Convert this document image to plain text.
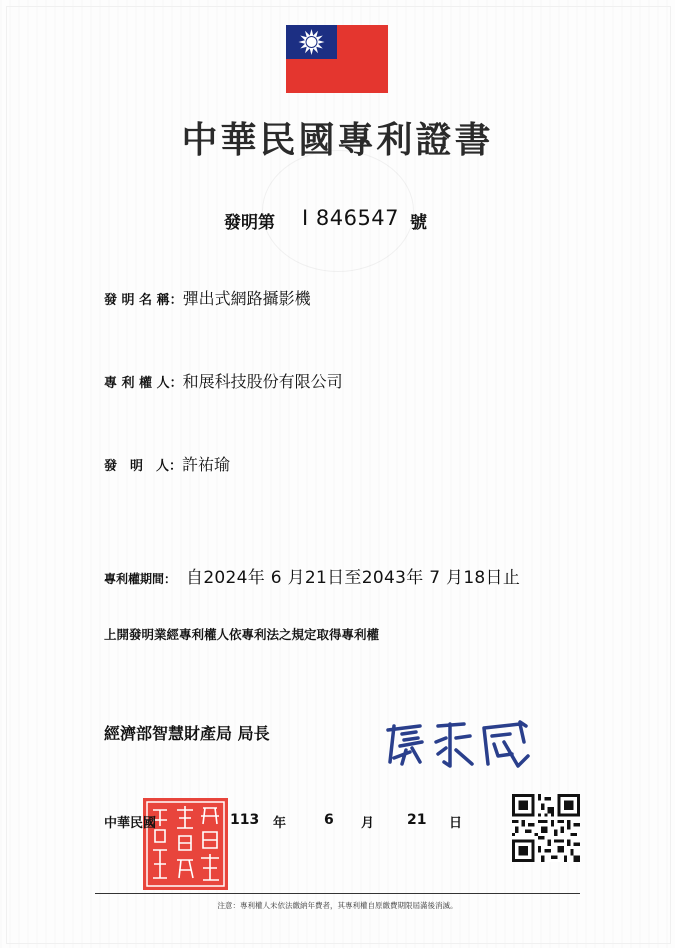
中華民國專利證書
發明第 I 846547 號
發 明 名 稱：彈出式網路攝影機
專 利 權 人：和展科技股份有限公司
發　明　人：許祐瑜
專利權期間： 自2024年 6 月21日至2043年 7 月18日止
上開發明業經專利權人依專利法之規定取得專利權
經濟部智慧財產局 局長
中華民國	113 年	6 月 21 日
注意：專利權人未依法繳納年費者，其專利權自原繳費期限屆滿後消滅。
